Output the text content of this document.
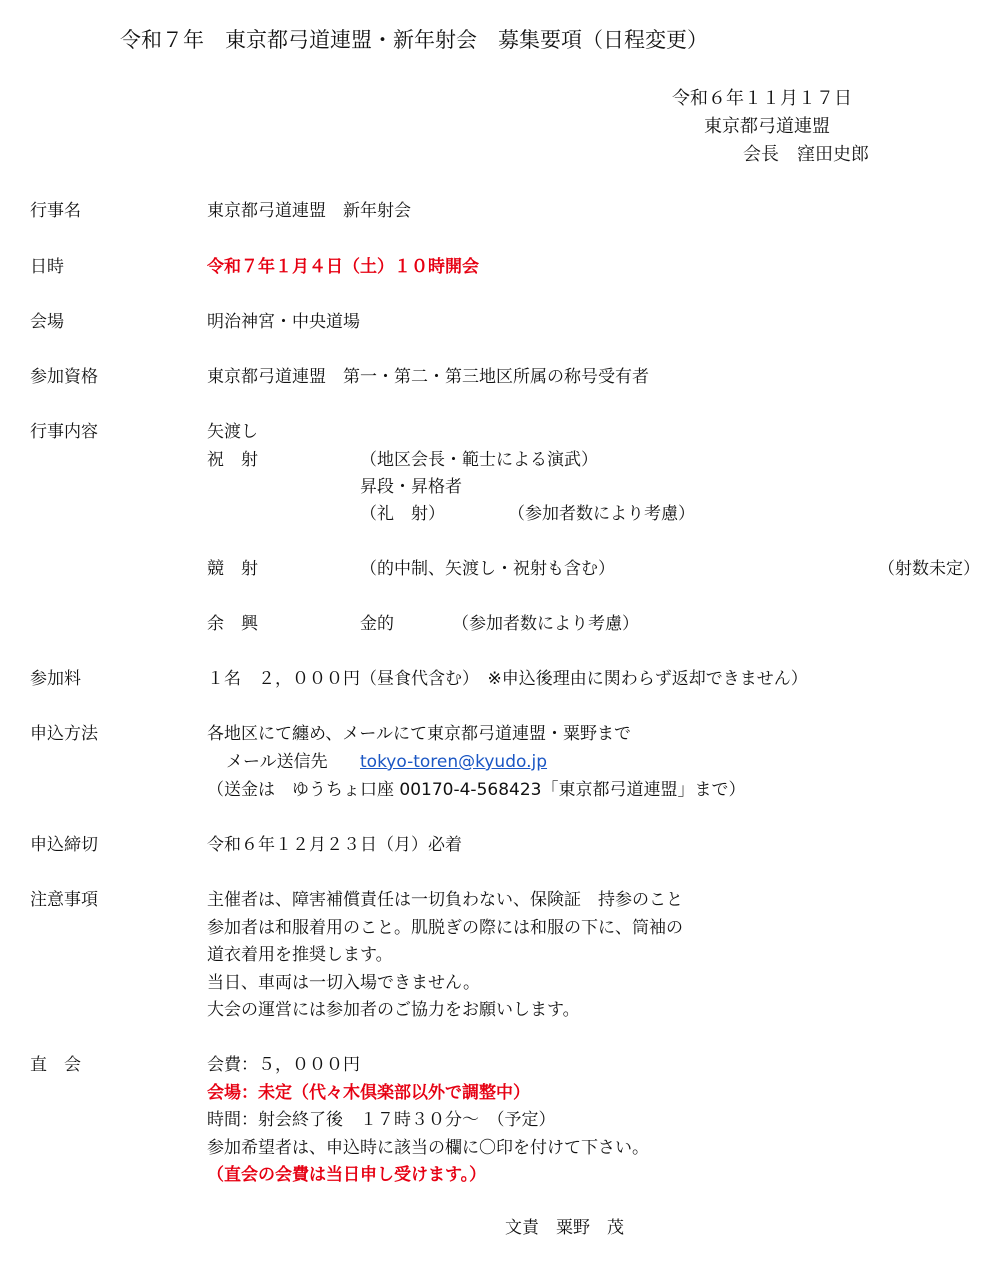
令和７年　東京都弓道連盟・新年射会　募集要項（日程変更）
令和６年１１月１７日
東京都弓道連盟
会長　窪田史郎
行事名	東京都弓道連盟　新年射会
日時	令和７年１月４日（土）１０時開会
会場	明治神宮・中央道場
参加資格	東京都弓道連盟　第一・第二・第三地区所属の称号受有者
行事内容	矢渡し
祝　射	（地区会長・範士による演武）
昇段・昇格者
（礼　射）	（参加者数により考慮）
競　射	（的中制、矢渡し・祝射も含む）	（射数未定）
余　興	金的	（参加者数により考慮）
参加料	１名　２，０００円（昼食代含む）　※申込後理由に関わらず返却できません）
申込方法	各地区にて纏め、メールにて東京都弓道連盟・粟野まで
メール送信先 tokyo-toren@kyudo.jp
（送金は　ゆうちょ口座 00170-4-568423「東京都弓道連盟」まで）
申込締切	令和６年１２月２３日（月）必着
注意事項	主催者は、障害補償責任は一切負わない、保険証　持参のこと
参加者は和服着用のこと。肌脱ぎの際には和服の下に、筒袖の
道衣着用を推奨します。
当日、車両は一切入場できません。
大会の運営には参加者のご協力をお願いします。
直　会	会費：５，０００円
会場：未定（代々木倶楽部以外で調整中）
時間：射会終了後　１７時３０分～　（予定）
参加希望者は、申込時に該当の欄に〇印を付けて下さい。
（直会の会費は当日申し受けます。）
文責　粟野　茂
